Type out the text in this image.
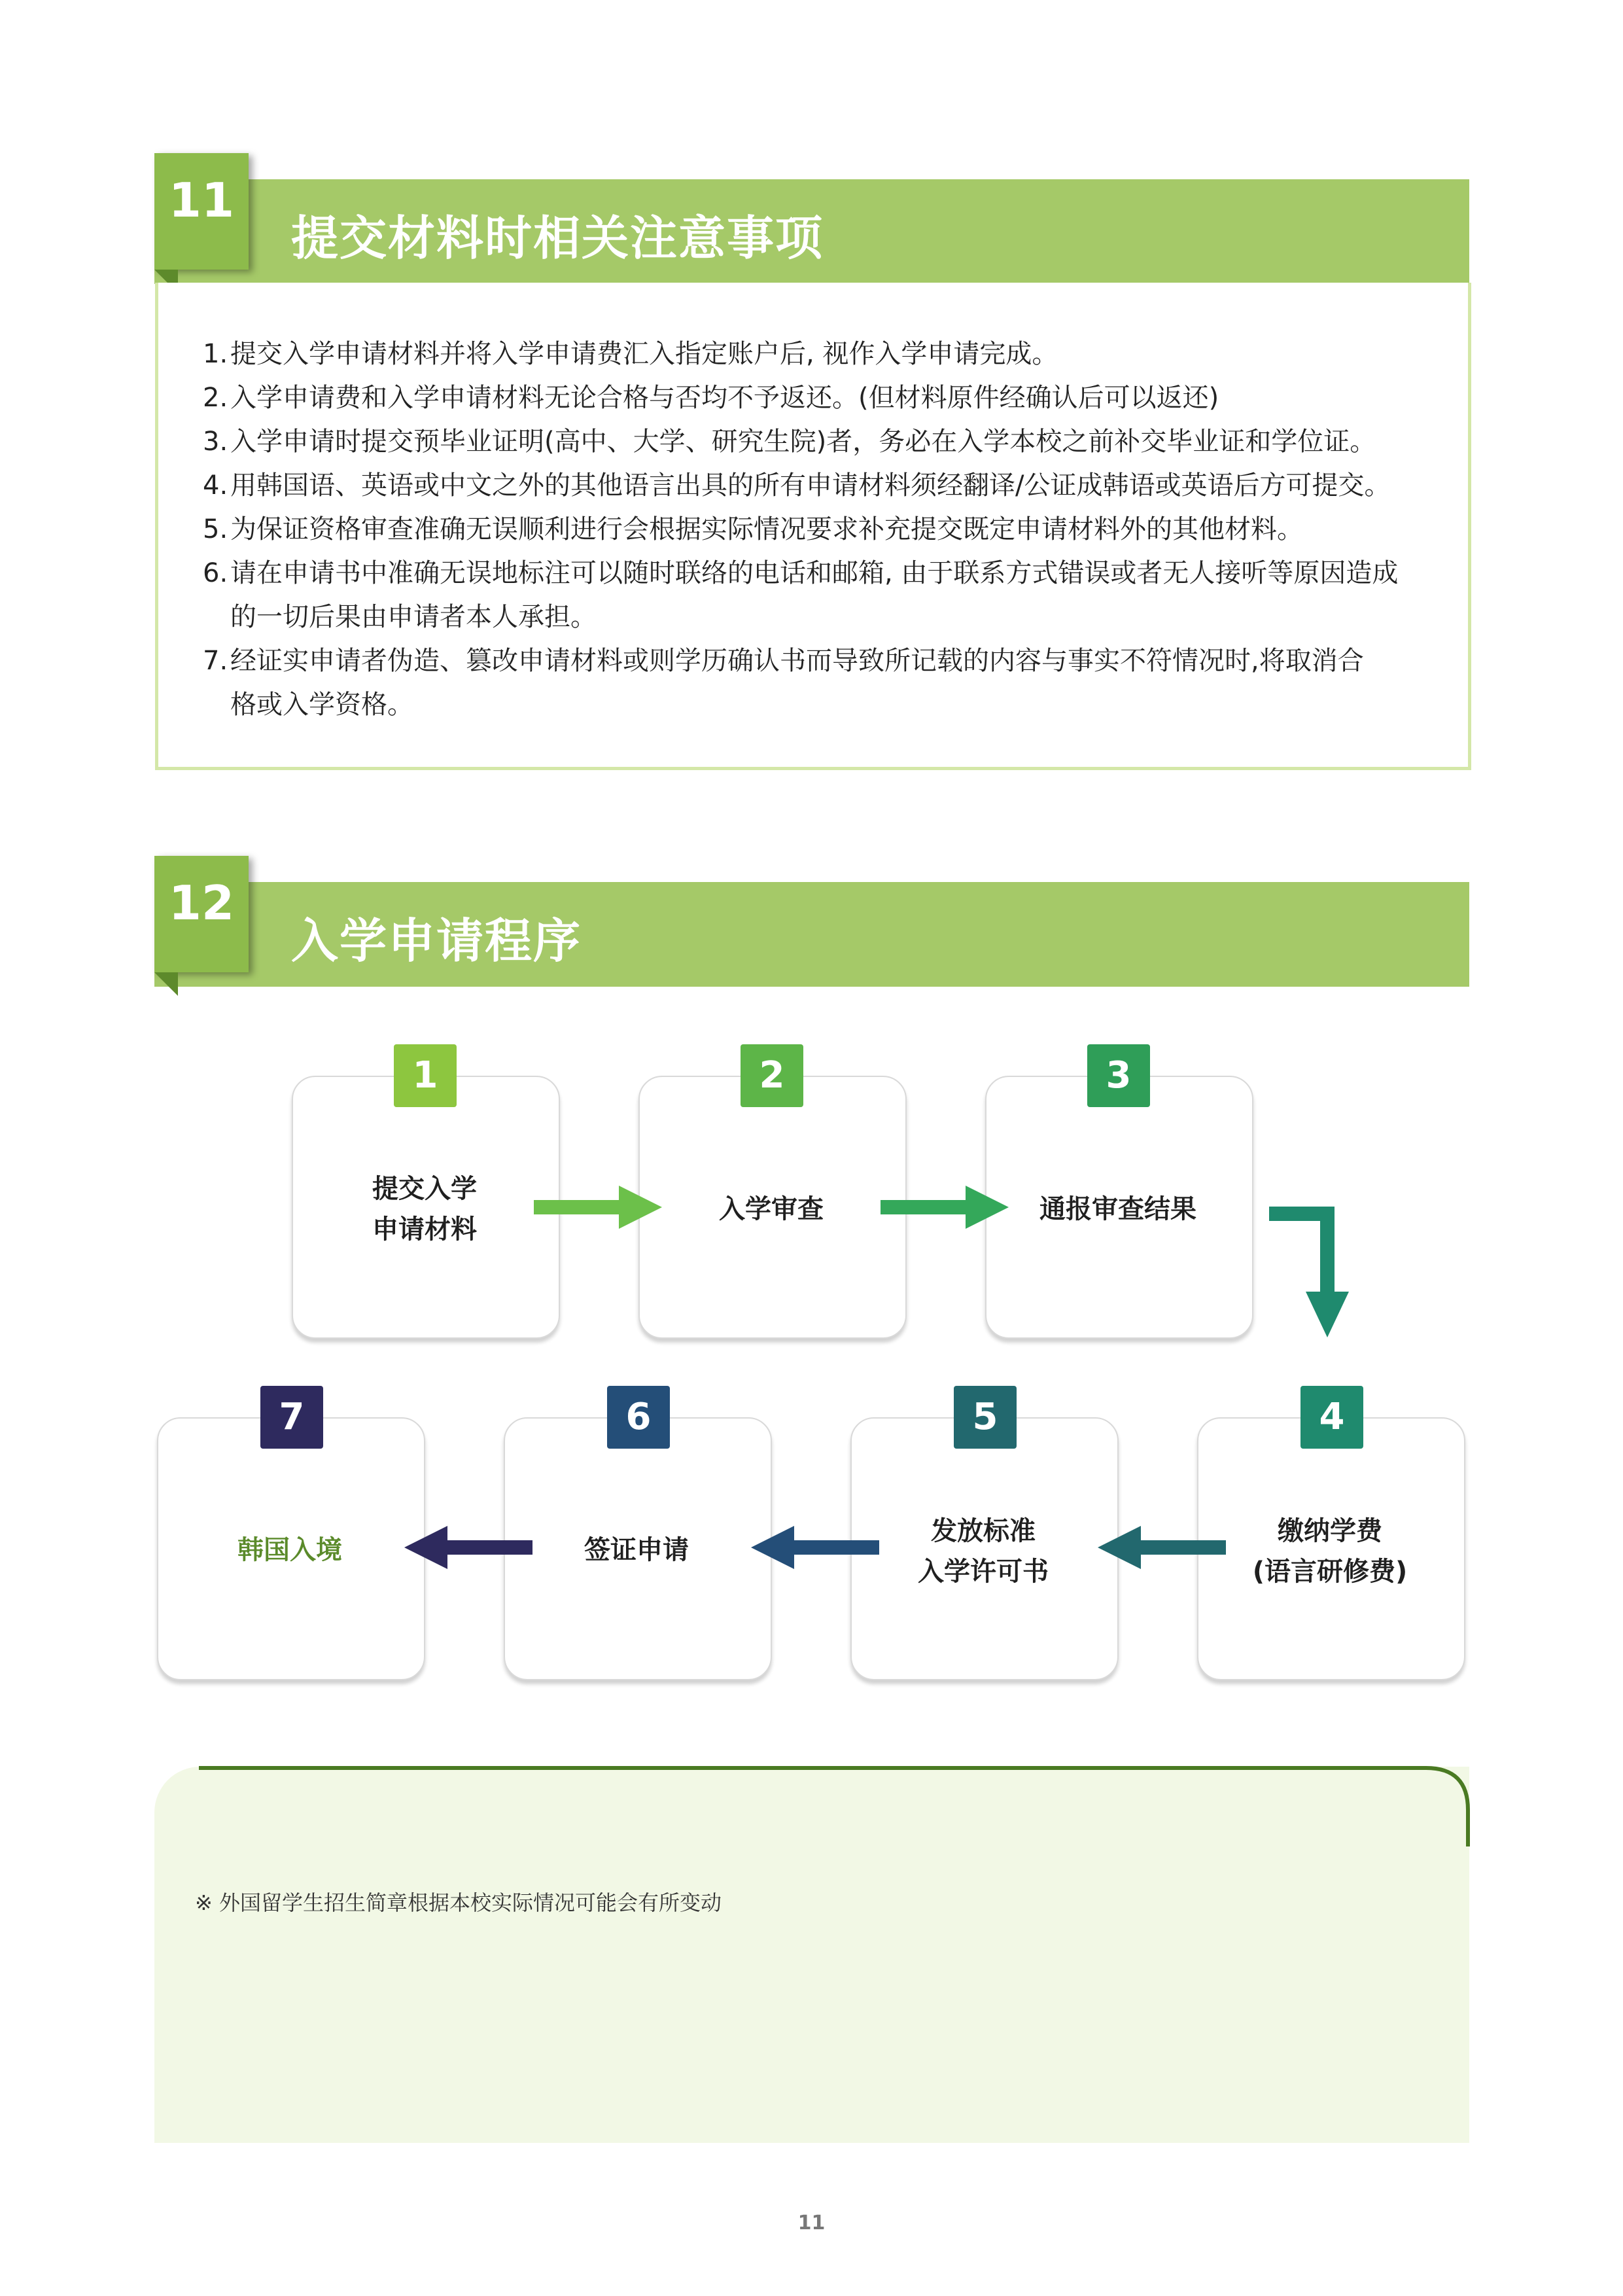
11
提交材料时相关注意事项
1.提交入学申请材料并将入学申请费汇入指定账户后, 视作入学申请完成。
2.入学申请费和入学申请材料无论合格与否均不予返还。(但材料原件经确认后可以返还)
3.入学申请时提交预毕业证明(高中、大学、研究生院)者，务必在入学本校之前补交毕业证和学位证。
4.用韩国语、英语或中文之外的其他语言出具的所有申请材料须经翻译/公证成韩语或英语后方可提交。
5.为保证资格审查准确无误顺利进行会根据实际情况要求补充提交既定申请材料外的其他材料。
6.请在申请书中准确无误地标注可以随时联络的电话和邮箱, 由于联系方式错误或者无人接听等原因造成
的一切后果由申请者本人承担。
7.经证实申请者伪造、篡改申请材料或则学历确认书而导致所记载的内容与事实不符情况时,将取消合
格或入学资格。
12
入学申请程序
1
提交入学
申请材料
2
入学审查
3
通报审查结果
7
韩国入境
6
签证申请
5
发放标准
入学许可书
4
缴纳学费
(语言研修费)
※ 外国留学生招生简章根据本校实际情况可能会有所变动
11
